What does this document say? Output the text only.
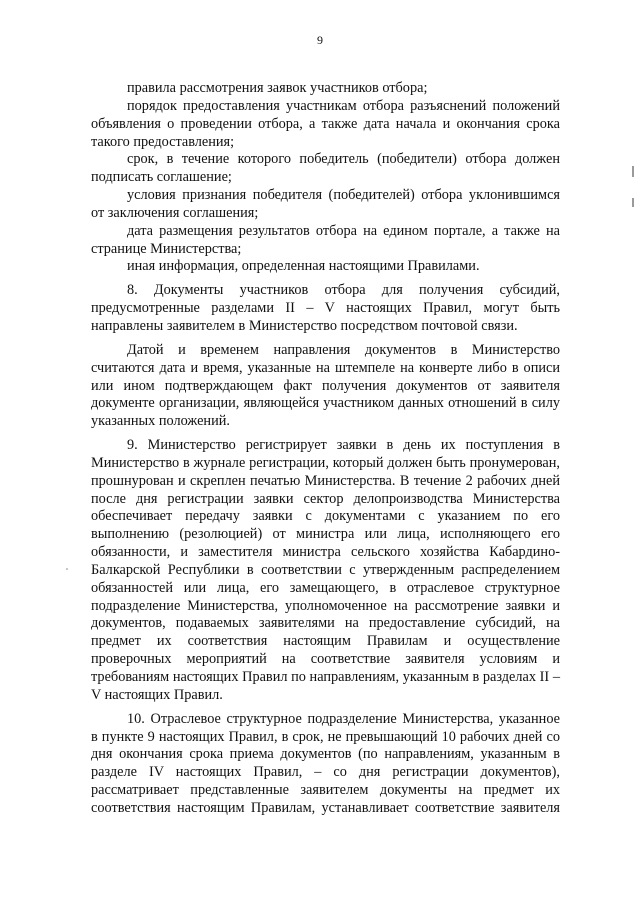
9

правила рассмотрения заявок участников отбора;

порядок предоставления участникам отбора разъяснений положений объявления о проведении отбора, а также дата начала и окончания срока такого предоставления;

срок, в течение которого победитель (победители) отбора должен подписать соглашение;

условия признания победителя (победителей) отбора уклонившимся от заключения соглашения;

дата размещения результатов отбора на едином портале, а также на странице Министерства;

иная информация, определенная настоящими Правилами.

8. Документы участников отбора для получения субсидий, предусмотренные разделами II – V настоящих Правил, могут быть направлены заявителем в Министерство посредством почтовой связи.

Датой и временем направления документов в Министерство считаются дата и время, указанные на штемпеле на конверте либо в описи или ином подтверждающем факт получения документов от заявителя документе организации, являющейся участником данных отношений в силу указанных положений.

9. Министерство регистрирует заявки в день их поступления в Министерство в журнале регистрации, который должен быть пронумерован, прошнурован и скреплен печатью Министерства. В течение 2 рабочих дней после дня регистрации заявки сектор делопроизводства Министерства обеспечивает передачу заявки с документами с указанием по его выполнению (резолюцией) от министра или лица, исполняющего его обязанности, и заместителя министра сельского хозяйства Кабардино-Балкарской Республики в соответствии с утвержденным распределением обязанностей или лица, его замещающего, в отраслевое структурное подразделение Министерства, уполномоченное на рассмотрение заявки и документов, подаваемых заявителями на предоставление субсидий, на предмет их соответствия настоящим Правилам и осуществление проверочных мероприятий на соответствие заявителя условиям и требованиям настоящих Правил по направлениям, указанным в разделах II – V настоящих Правил.

10. Отраслевое структурное подразделение Министерства, указанное в пункте 9 настоящих Правил, в срок, не превышающий 10 рабочих дней со дня окончания срока приема документов (по направлениям, указанным в разделе IV настоящих Правил, – со дня регистрации документов), рассматривает представленные заявителем документы на предмет их соответствия настоящим Правилам, устанавливает соответствие заявителя
